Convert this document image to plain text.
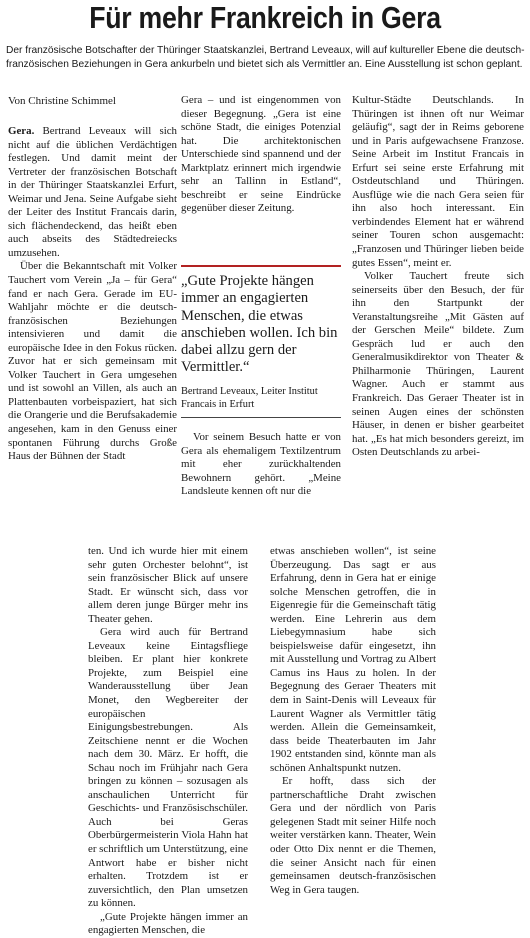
Für mehr Frankreich in Gera

Der französische Botschafter der Thüringer Staatskanzlei, Bertrand Leveaux, will auf kultureller Ebene die deutsch-französischen Beziehungen in Gera ankurbeln und bietet sich als Vermittler an. Eine Ausstellung ist schon geplant.

Von Christine Schimmel

Gera. Bertrand Leveaux will sich nicht auf die üblichen Verdächtigen festlegen. Und damit meint der Vertreter der französischen Botschaft in der Thüringer Staatskanzlei Erfurt, Weimar und Jena. Seine Aufgabe sieht der Leiter des Institut Francais darin, sich flächendeckend, das heißt eben auch abseits des Städtedreiecks umzusehen.

Über die Bekanntschaft mit Volker Tauchert vom Verein „Ja – für Gera“ fand er nach Gera. Gerade im EU-Wahljahr möchte er die deutsch-französischen Beziehungen intensivieren und damit die europäische Idee in den Fokus rücken. Zuvor hat er sich gemeinsam mit Volker Tauchert in Gera umgesehen und ist sowohl an Villen, als auch an Plattenbauten vorbeispaziert, hat sich die Orangerie und die Berufsakademie angesehen, kam in den Genuss einer spontanen Führung durchs Große Haus der Bühnen der Stadt

Gera – und ist eingenommen von dieser Begegnung. „Gera ist eine schöne Stadt, die einiges Potenzial hat. Die architektonischen Unterschiede sind spannend und der Marktplatz erinnert mich irgendwie sehr an Tallinn in Estland“, beschreibt er seine Eindrücke gegenüber dieser Zeitung.

„Gute Projekte hängen immer an engagierten Menschen, die etwas anschieben wollen. Ich bin dabei allzu gern der Vermittler.“

Bertrand Leveaux, Leiter Institut Francais in Erfurt

Vor seinem Besuch hatte er von Gera als ehemaligem Textilzentrum mit eher zurückhaltenden Bewohnern gehört. „Meine Landsleute kennen oft nur die

Kultur-Städte Deutschlands. In Thüringen ist ihnen oft nur Weimar geläufig“, sagt der in Reims geborene und in Paris aufgewachsene Franzose. Seine Arbeit im Institut Francais in Erfurt sei seine erste Erfahrung mit Ostdeutschland und Thüringen. Ausflüge wie die nach Gera seien für ihn also hoch interessant. Ein verbindendes Element hat er während seiner Touren schon ausgemacht: „Franzosen und Thüringer lieben beide gutes Essen“, meint er.

Volker Tauchert freute sich seinerseits über den Besuch, der für ihn den Startpunkt der Veranstaltungsreihe „Mit Gästen auf der Gerschen Meile“ bildete. Zum Gespräch lud er auch den Generalmusikdirektor von Theater & Philharmonie Thüringen, Laurent Wagner. Auch er stammt aus Frankreich. Das Geraer Theater ist in seinen Augen eines der schönsten Häuser, in denen er bisher gearbeitet hat. „Es hat mich besonders gereizt, im Osten Deutschlands zu arbei-

ten. Und ich wurde hier mit einem sehr guten Orchester belohnt“, ist sein französischer Blick auf unsere Stadt. Er wünscht sich, dass vor allem deren junge Bürger mehr ins Theater gehen.

Gera wird auch für Bertrand Leveaux keine Eintagsfliege bleiben. Er plant hier konkrete Projekte, zum Beispiel eine Wanderausstellung über Jean Monet, den Wegbereiter der europäischen Einigungsbestrebungen. Als Zeitschiene nennt er die Wochen nach dem 30. März. Er hofft, die Schau noch im Frühjahr nach Gera bringen zu können – sozusagen als anschaulichen Unterricht für Geschichts- und Französischschüler. Auch bei Geras Oberbürgermeisterin Viola Hahn hat er schriftlich um Unterstützung, eine Antwort habe er bisher nicht erhalten. Trotzdem ist er zuversichtlich, den Plan umsetzen zu können.

„Gute Projekte hängen immer an engagierten Menschen, die

etwas anschieben wollen“, ist seine Überzeugung. Das sagt er aus Erfahrung, denn in Gera hat er einige solche Menschen getroffen, die in Eigenregie für die Gemeinschaft tätig werden. Eine Lehrerin aus dem Liebegymnasium habe sich beispielsweise dafür eingesetzt, ihn mit Ausstellung und Vortrag zu Albert Camus ins Haus zu holen. In der Begegnung des Geraer Theaters mit dem in Saint-Denis will Leveaux für Laurent Wagner als Vermittler tätig werden. Allein die Gemeinsamkeit, dass beide Theaterbauten im Jahr 1902 entstanden sind, könnte man als schönen Anhaltspunkt nutzen.

Er hofft, dass sich der partnerschaftliche Draht zwischen Gera und der nördlich von Paris gelegenen Stadt mit seiner Hilfe noch weiter verstärken kann. Theater, Wein oder Otto Dix nennt er die Themen, die seiner Ansicht nach für einen gemeinsamen deutsch-französischen Weg in Gera taugen.
